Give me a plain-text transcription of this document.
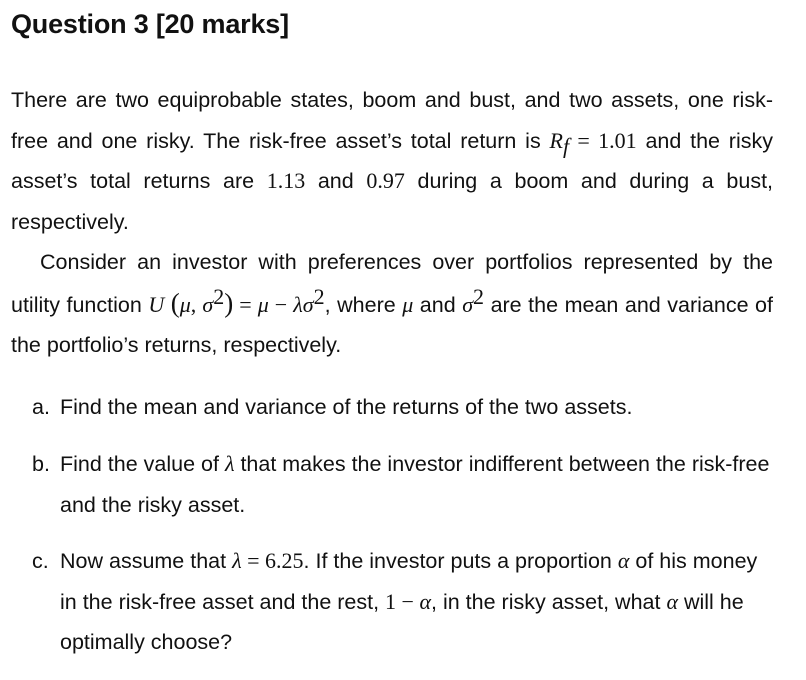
Question 3 [20 marks]
There are two equiprobable states, boom and bust, and two assets, one risk-free and one risky. The risk-free asset’s total return is $R_f = 1.01$ and the risky asset’s total returns are 1.13 and 0.97 during a boom and during a bust, respectively.
Consider an investor with preferences over portfolios represented by the utility function U (μ, $\sigma^2) = \mu - \lambda\sigma^2$, where μ and $\sigma^2$ are the mean and variance of the portfolio’s returns, respectively.
a. Find the mean and variance of the returns of the two assets.
b. Find the value of λ that makes the investor indifferent between the risk-free and the risky asset.
c. Now assume that λ = 6.25. If the investor puts a proportion α of his money in the risk-free asset and the rest, 1 − α, in the risky asset, what α will he optimally choose?
